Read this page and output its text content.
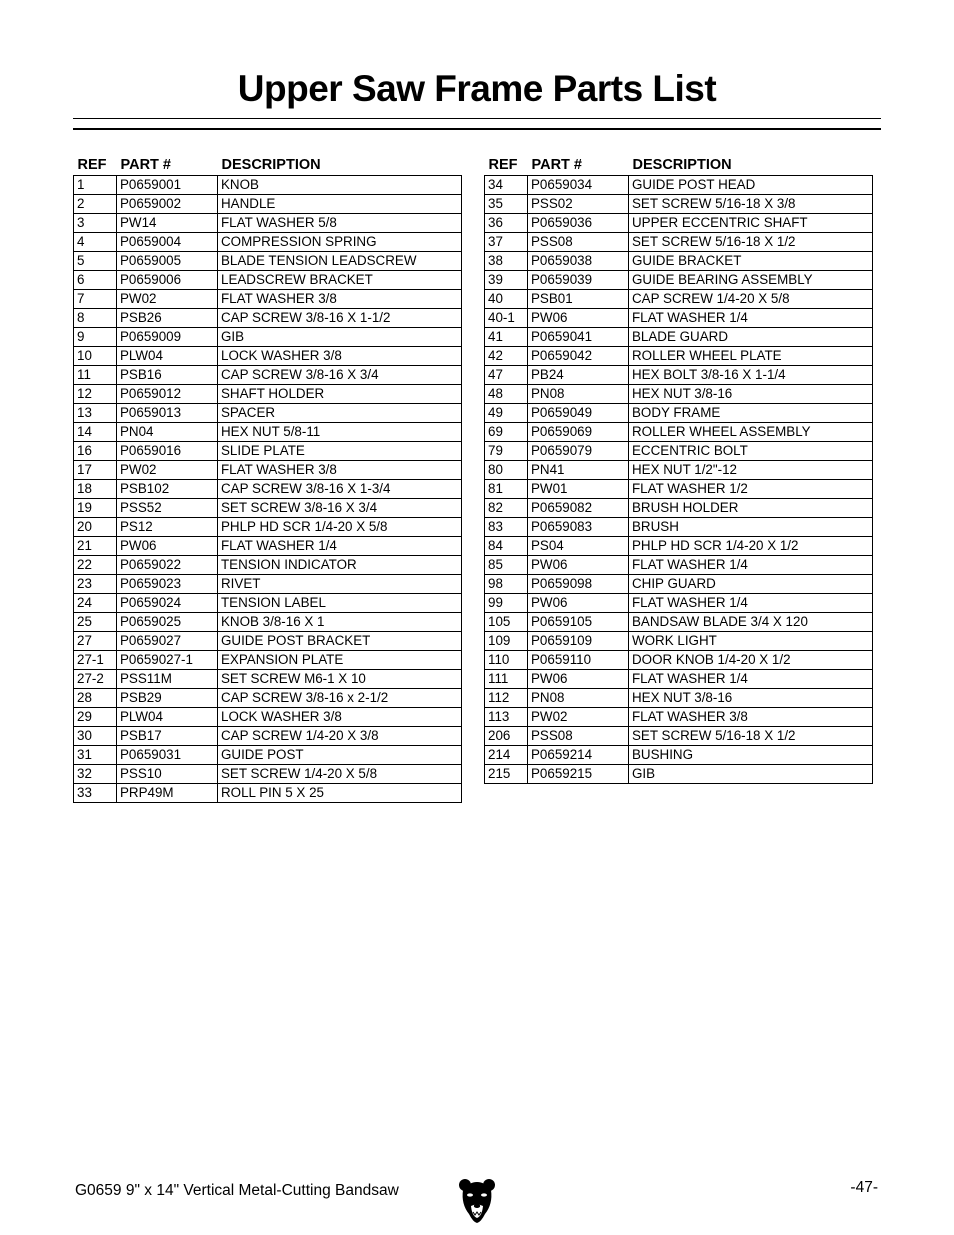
Upper Saw Frame Parts List
REF	PART #	DESCRIPTION
1	P0659001	KNOB
2	P0659002	HANDLE
3	PW14	FLAT WASHER 5/8
4	P0659004	COMPRESSION SPRING
5	P0659005	BLADE TENSION LEADSCREW
6	P0659006	LEADSCREW BRACKET
7	PW02	FLAT WASHER 3/8
8	PSB26	CAP SCREW 3/8-16 X 1-1/2
9	P0659009	GIB
10	PLW04	LOCK WASHER 3/8
11	PSB16	CAP SCREW 3/8-16 X 3/4
12	P0659012	SHAFT HOLDER
13	P0659013	SPACER
14	PN04	HEX NUT 5/8-11
16	P0659016	SLIDE PLATE
17	PW02	FLAT WASHER 3/8
18	PSB102	CAP SCREW 3/8-16 X 1-3/4
19	PSS52	SET SCREW 3/8-16 X 3/4
20	PS12	PHLP HD SCR 1/4-20 X 5/8
21	PW06	FLAT WASHER 1/4
22	P0659022	TENSION INDICATOR
23	P0659023	RIVET
24	P0659024	TENSION LABEL
25	P0659025	KNOB 3/8-16 X 1
27	P0659027	GUIDE POST BRACKET
27-1	P0659027-1	EXPANSION PLATE
27-2	PSS11M	SET SCREW M6-1 X 10
28	PSB29	CAP SCREW 3/8-16 x 2-1/2
29	PLW04	LOCK WASHER 3/8
30	PSB17	CAP SCREW 1/4-20 X 3/8
31	P0659031	GUIDE POST
32	PSS10	SET SCREW 1/4-20 X 5/8
33	PRP49M	ROLL PIN 5 X 25
REF	PART #	DESCRIPTION
34	P0659034	GUIDE POST HEAD
35	PSS02	SET SCREW 5/16-18 X 3/8
36	P0659036	UPPER ECCENTRIC SHAFT
37	PSS08	SET SCREW 5/16-18 X 1/2
38	P0659038	GUIDE BRACKET
39	P0659039	GUIDE BEARING ASSEMBLY
40	PSB01	CAP SCREW 1/4-20 X 5/8
40-1	PW06	FLAT WASHER 1/4
41	P0659041	BLADE GUARD
42	P0659042	ROLLER WHEEL PLATE
47	PB24	HEX BOLT 3/8-16 X 1-1/4
48	PN08	HEX NUT 3/8-16
49	P0659049	BODY FRAME
69	P0659069	ROLLER WHEEL ASSEMBLY
79	P0659079	ECCENTRIC BOLT
80	PN41	HEX NUT 1/2"-12
81	PW01	FLAT WASHER 1/2
82	P0659082	BRUSH HOLDER
83	P0659083	BRUSH
84	PS04	PHLP HD SCR 1/4-20 X 1/2
85	PW06	FLAT WASHER 1/4
98	P0659098	CHIP GUARD
99	PW06	FLAT WASHER 1/4
105	P0659105	BANDSAW BLADE 3/4 X 120
109	P0659109	WORK LIGHT
110	P0659110	DOOR KNOB 1/4-20 X 1/2
111	PW06	FLAT WASHER 1/4
112	PN08	HEX NUT 3/8-16
113	PW02	FLAT WASHER 3/8
206	PSS08	SET SCREW 5/16-18 X 1/2
214	P0659214	BUSHING
215	P0659215	GIB
G0659 9" x 14" Vertical Metal-Cutting Bandsaw	-47-
